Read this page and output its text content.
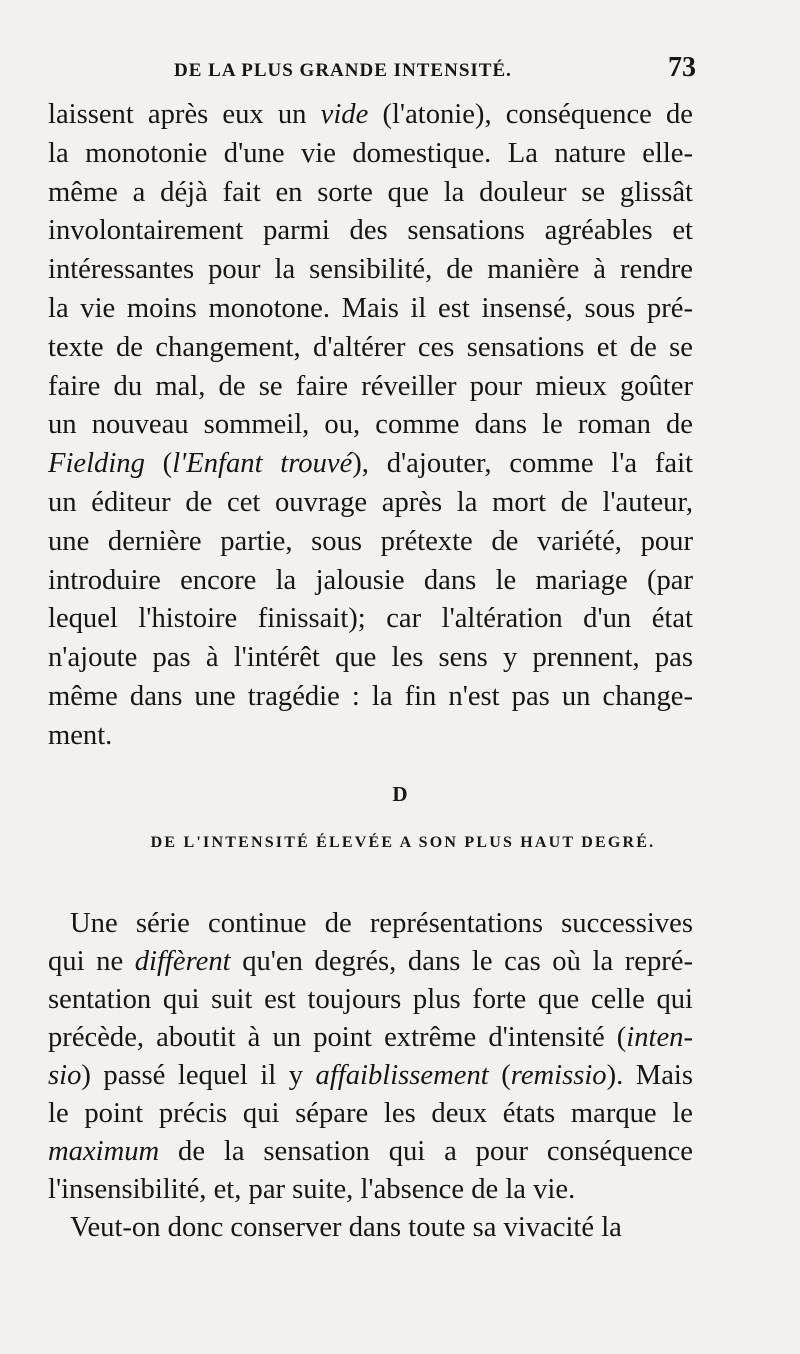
DE LA PLUS GRANDE INTENSITÉ.	73
laissent après eux un vide (l'atonie), conséquence de
la monotonie d'une vie domestique. La nature elle-
même a déjà fait en sorte que la douleur se glissât
involontairement parmi des sensations agréables et
intéressantes pour la sensibilité, de manière à rendre
la vie moins monotone. Mais il est insensé, sous pré-
texte de changement, d'altérer ces sensations et de se
faire du mal, de se faire réveiller pour mieux goûter
un nouveau sommeil, ou, comme dans le roman de
Fielding (l'Enfant trouvé), d'ajouter, comme l'a fait
un éditeur de cet ouvrage après la mort de l'auteur,
une dernière partie, sous prétexte de variété, pour
introduire encore la jalousie dans le mariage (par
lequel l'histoire finissait); car l'altération d'un état
n'ajoute pas à l'intérêt que les sens y prennent, pas
même dans une tragédie : la fin n'est pas un change-
ment.
D
DE L'INTENSITÉ ÉLEVÉE A SON PLUS HAUT DEGRÉ.
Une série continue de représentations successives
qui ne diffèrent qu'en degrés, dans le cas où la repré-
sentation qui suit est toujours plus forte que celle qui
précède, aboutit à un point extrême d'intensité (inten-
sio) passé lequel il y affaiblissement (remissio). Mais
le point précis qui sépare les deux états marque le
maximum de la sensation qui a pour conséquence
l'insensibilité, et, par suite, l'absence de la vie.
Veut-on donc conserver dans toute sa vivacité la
